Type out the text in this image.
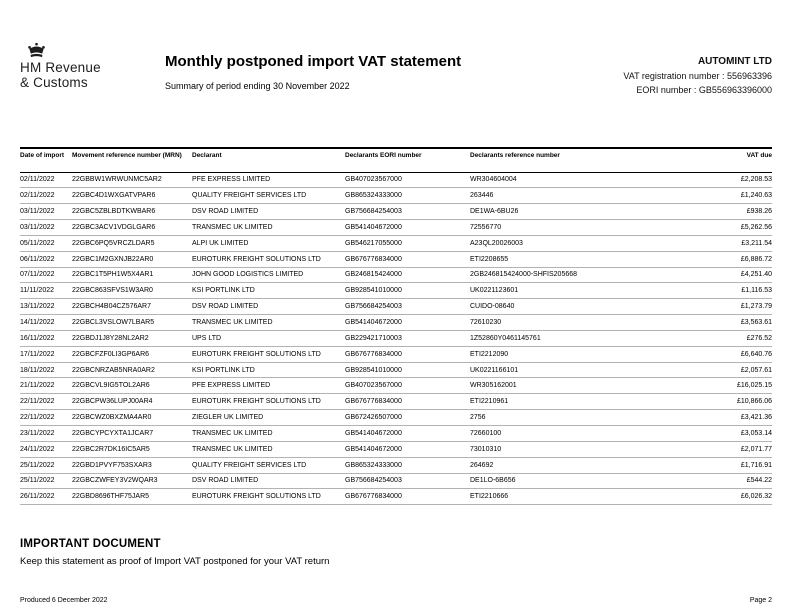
HM Revenue
& Customs
Monthly postponed import VAT statement
Summary of period ending 30 November 2022
AUTOMINT LTD
VAT registration number : 556963396
EORI number : GB556963396000
Date of import	Movement reference number (MRN)	Declarant	Declarants EORI number	Declarants reference number	VAT due
02/11/2022	22GBBW1WRWUNMC5AR2	PFE EXPRESS LIMITED	GB407023567000	WR304604004	£2,208.53
02/11/2022	22GBC4D1WXGATVPAR6	QUALITY FREIGHT SERVICES LTD	GB865324333000	263446	£1,240.63
03/11/2022	22GBC5ZBLBDTKWBAR6	DSV ROAD LIMITED	GB756684254003	DE1WA-6BU26	£938.26
03/11/2022	22GBC3ACV1VDGLGAR6	TRANSMEC UK LIMITED	GB541404672000	72556770	£5,262.56
05/11/2022	22GBC6PQ5VRCZLDAR5	ALPI UK LIMITED	GB546217055000	A23QL20026003	£3,211.54
06/11/2022	22GBC1M2GXNJB22AR0	EUROTURK FREIGHT SOLUTIONS LTD	GB676776834000	ETI2208655	£6,886.72
07/11/2022	22GBC1T5PH1W5X4AR1	JOHN GOOD LOGISTICS LIMITED	GB246815424000	2GB246815424000-SHFIS205668	£4,251.40
11/11/2022	22GBC863SFVS1W3AR0	KSI PORTLINK LTD	GB928541010000	UK0221123601	£1,116.53
13/11/2022	22GBCH4B04CZ576AR7	DSV ROAD LIMITED	GB756684254003	CUIDO-08640	£1,273.79
14/11/2022	22GBCL3VSLOW7LBAR5	TRANSMEC UK LIMITED	GB541404672000	72610230	£3,563.61
16/11/2022	22GBDJ1J8Y28NL2AR2	UPS LTD	GB229421710003	1Z52860Y0461145761	£276.52
17/11/2022	22GBCFZF0LI3GP6AR6	EUROTURK FREIGHT SOLUTIONS LTD	GB676776834000	ETI2212090	£6,640.76
18/11/2022	22GBCNRZAB5NRA0AR2	KSI PORTLINK LTD	GB928541010000	UK0221166101	£2,057.61
21/11/2022	22GBCVL9IG5TOL2AR6	PFE EXPRESS LIMITED	GB407023567000	WR305162001	£16,025.15
22/11/2022	22GBCPW36LUPJ00AR4	EUROTURK FREIGHT SOLUTIONS LTD	GB676776834000	ETI2210961	£10,866.06
22/11/2022	22GBCWZ0BXZMA4AR0	ZIEGLER UK LIMITED	GB672426507000	2756	£3,421.36
23/11/2022	22GBCYPCYXTA1JCAR7	TRANSMEC UK LIMITED	GB541404672000	72660100	£3,053.14
24/11/2022	22GBC2R7DK16IC5AR5	TRANSMEC UK LIMITED	GB541404672000	73010310	£2,071.77
25/11/2022	22GBD1PVYF753SXAR3	QUALITY FREIGHT SERVICES LTD	GB865324333000	264692	£1,716.91
25/11/2022	22GBCZWFEY3V2WQAR3	DSV ROAD LIMITED	GB756684254003	DE1LO-6B656	£544.22
26/11/2022	22GBD8696THF75JAR5	EUROTURK FREIGHT SOLUTIONS LTD	GB676776834000	ETI2210666	£6,026.32
IMPORTANT DOCUMENT
Keep this statement as proof of Import VAT postponed for your VAT return
Produced 6 December 2022	Page 2
